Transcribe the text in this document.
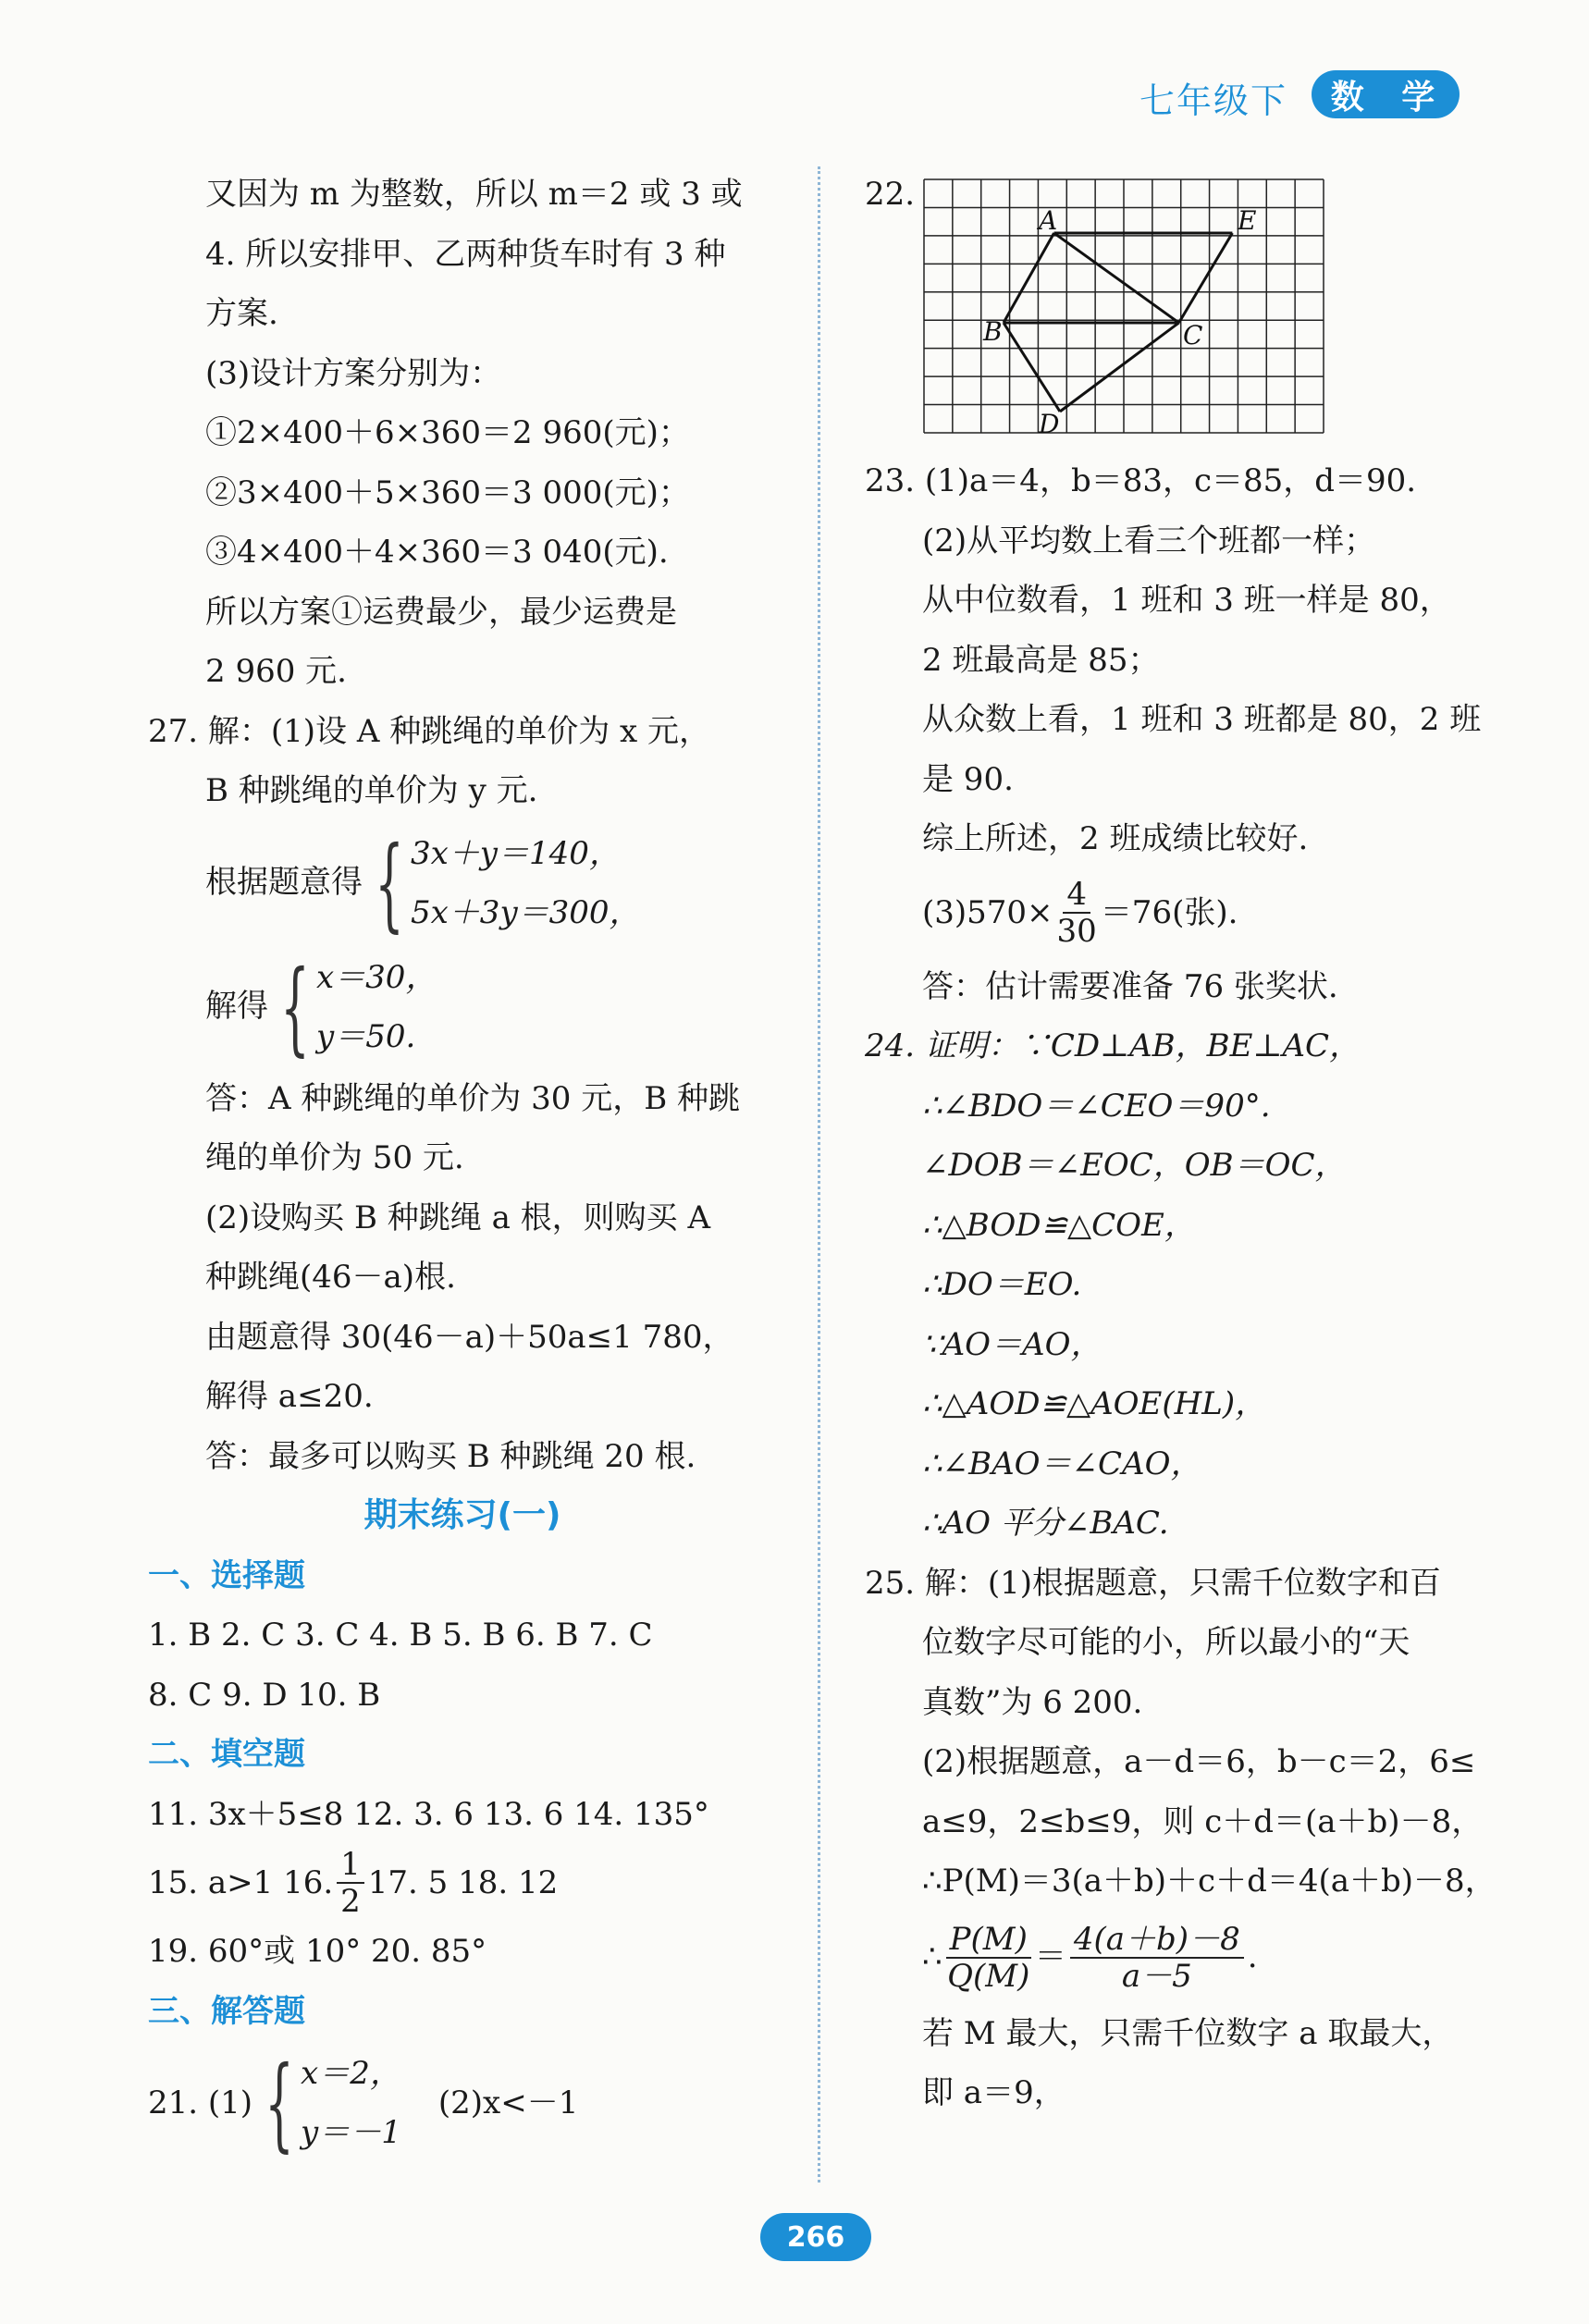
七年级下	数 学
又因为 m 为整数，所以 m＝2 或 3 或
4. 所以安排甲、乙两种货车时有 3 种
方案.
(3)设计方案分别为：
①2×400＋6×360＝2 960(元)；
②3×400＋5×360＝3 000(元)；
③4×400＋4×360＝3 040(元).
所以方案①运费最少，最少运费是
2 960 元.
27. 解：(1)设 A 种跳绳的单价为 x 元，
B 种跳绳的单价为 y 元.
根据题意得 { 3x＋y＝140，
5x＋3y＝300，
解得 { x＝30，
y＝50.
答：A 种跳绳的单价为 30 元，B 种跳
绳的单价为 50 元.
(2)设购买 B 种跳绳 a 根，则购买 A
种跳绳(46－a)根.
由题意得 30(46－a)＋50a≤1 780，
解得 a≤20.
答：最多可以购买 B 种跳绳 20 根.
期末练习(一)
一、选择题
1. B 2. C 3. C 4. B 5. B 6. B 7. C
8. C 9. D 10. B
二、填空题
11. 3x＋5≤8 12. 3. 6 13. 6 14. 135°
15. a>1 16. $\frac{1}{2} 17$. 5 18. 12
19. 60°或 10° 20. 85°
三、解答题
21. (1) { x＝2，
y＝－1
(2)x<－1
22.
A	E
B	C
D
23. (1)a＝4，b＝83，c＝85，d＝90.
(2)从平均数上看三个班都一样；
从中位数看，1 班和 3 班一样是 80，
2 班最高是 85；
从众数上看，1 班和 3 班都是 80，2 班
是 90.
综上所述，2 班成绩比较好.
$(3)570\times \frac{4}{30} =76$(张).
答：估计需要准备 76 张奖状.
24. 证明：∵CD⊥AB，BE⊥AC，
∴∠BDO＝∠CEO＝90°.
∠DOB＝∠EOC，OB＝OC，
∴△BOD≌△COE，
∴DO＝EO.
∵AO＝AO，
∴△AOD≌△AOE(HL)，
∴∠BAO＝∠CAO，
∴AO 平分∠BAC.
25. 解：(1)根据题意，只需千位数字和百
位数字尽可能的小，所以最小的“天
真数”为 6 200.
(2)根据题意，a－d＝6，b－c＝2，6≤
a≤9，2≤b≤9，则 c＋d＝(a＋b)－8，
∴P(M)＝3(a＋b)＋c＋d＝4(a＋b)－8，
∴ $\frac{P(M)}{Q(M)} = \frac{4(a+b)-8}{a-5}$ .
若 M 最大，只需千位数字 a 取最大，
即 a＝9，
266
